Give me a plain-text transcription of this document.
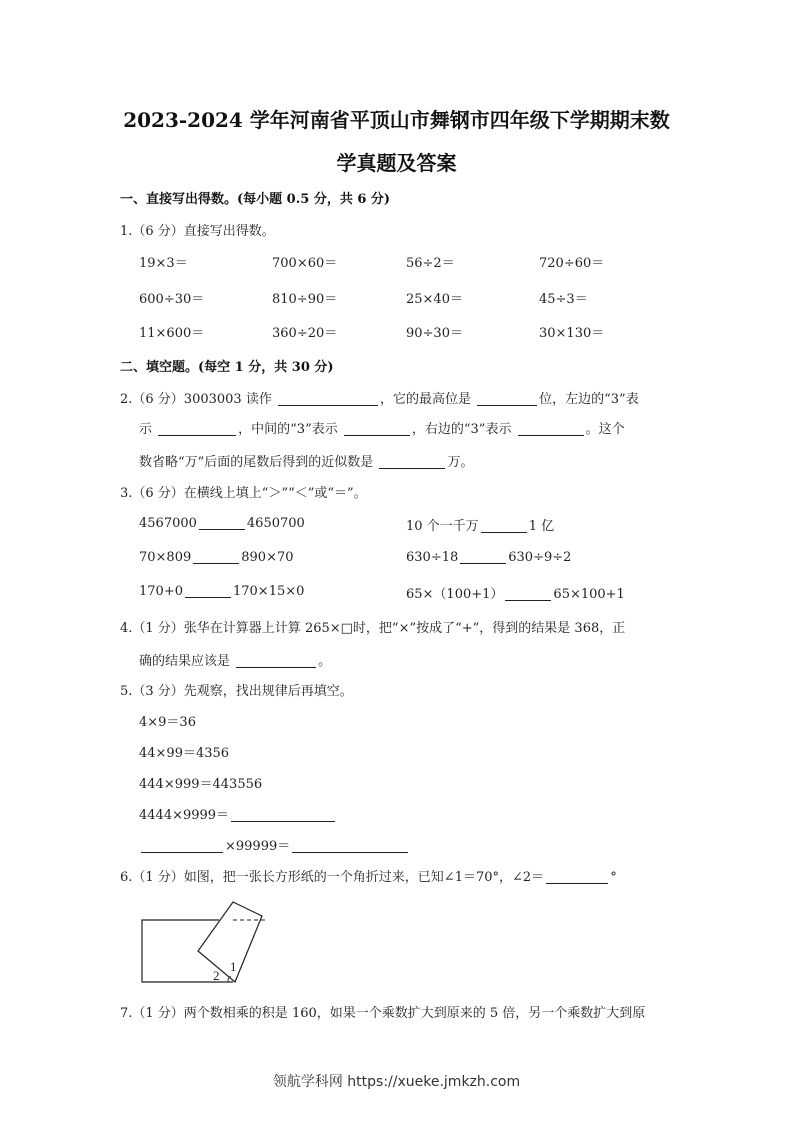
2023-2024 学年河南省平顶山市舞钢市四年级下学期期末数
学真题及答案
一、直接写出得数。(每小题 0.5 分，共 6 分)
1.（6 分）直接写出得数。
19×3＝	700×60＝	56÷2＝	720÷60＝
600÷30＝	810÷90＝	25×40＝	45÷3＝
11×600＝	360÷20＝	90÷30＝	30×130＝
二、填空题。(每空 1 分，共 30 分)
2.（6 分）3003003 读作	，它的最高位是	位，左边的“3”表
示	，中间的“3”表示	，右边的“3”表示	。这个
数省略“万”后面的尾数后得到的近似数是	万。
3.（6 分）在横线上填上“＞”“＜”或“＝”。
4567000	4650700	10 个一千万	1 亿
70×809	890×70	630÷18	630÷9÷2
170+0	170×15×0	65×（100+1）	65×100+1
4.（1 分）张华在计算器上计算 265×□时，把“×”按成了“+”，得到的结果是 368，正
确的结果应该是	。
5.（3 分）先观察，找出规律后再填空。
4×9＝36
44×99＝4356
444×999＝443556
4444×9999＝
×99999＝
6.（1 分）如图，把一张长方形纸的一个角折过来，已知∠1＝70°，∠2＝	°
1
2
7.（1 分）两个数相乘的积是 160，如果一个乘数扩大到原来的 5 倍，另一个乘数扩大到原
领航学科网 https://xueke.jmkzh.com
